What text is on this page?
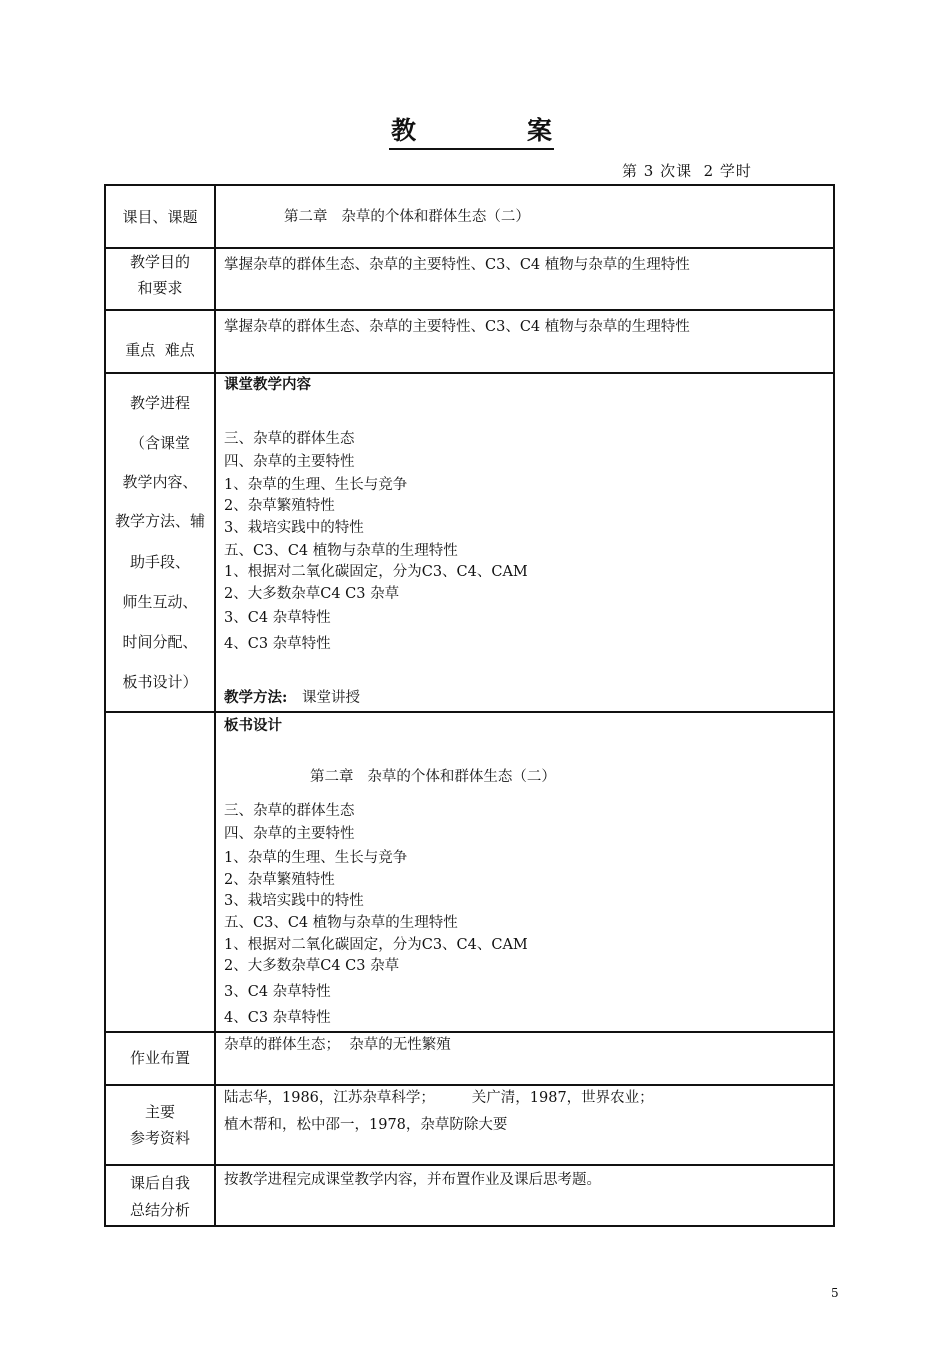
教	案
第 3 次课  2 学时
课目、课题	第二章   杂草的个体和群体生态（二）
教学目的
和要求
掌握杂草的群体生态、杂草的主要特性、C3、C4 植物与杂草的生理特性
重点  难点
掌握杂草的群体生态、杂草的主要特性、C3、C4 植物与杂草的生理特性
教学进程
（含课堂
教学内容、
教学方法、辅
助手段、
师生互动、
时间分配、
板书设计）
课堂教学内容
三、杂草的群体生态
四、杂草的主要特性
1、杂草的生理、生长与竞争
2、杂草繁殖特性
3、栽培实践中的特性
五、C3、C4 植物与杂草的生理特性
1、根据对二氧化碳固定，分为C3、C4、CAM
2、大多数杂草C4 C3 杂草
3、C4 杂草特性
4、C3 杂草特性
教学方法: 课堂讲授
板书设计
第二章   杂草的个体和群体生态（二）
三、杂草的群体生态
四、杂草的主要特性
1、杂草的生理、生长与竞争
2、杂草繁殖特性
3、栽培实践中的特性
五、C3、C4 植物与杂草的生理特性
1、根据对二氧化碳固定，分为C3、C4、CAM
2、大多数杂草C4 C3 杂草
3、C4 杂草特性
4、C3 杂草特性
作业布置
杂草的群体生态；  杂草的无性繁殖
主要
参考资料
陆志华，1986，江苏杂草科学；        关广清，1987，世界农业；
植木帮和，松中邵一，1978，杂草防除大要
课后自我
总结分析
按教学进程完成课堂教学内容，并布置作业及课后思考题。
5
